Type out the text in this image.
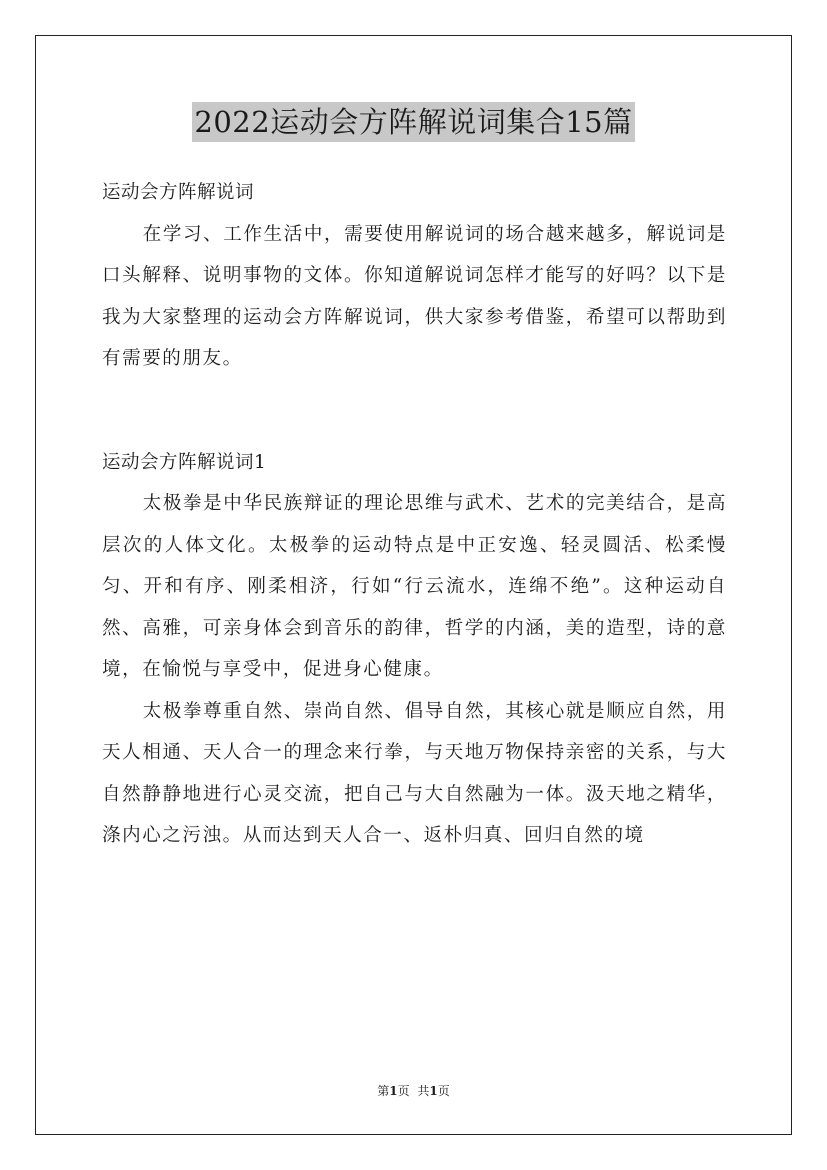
2022运动会方阵解说词集合15篇

运动会方阵解说词

在学习、工作生活中，需要使用解说词的场合越来越多，解说词是口头解释、说明事物的文体。你知道解说词怎样才能写的好吗？以下是我为大家整理的运动会方阵解说词，供大家参考借鉴，希望可以帮助到有需要的朋友。

运动会方阵解说词1

太极拳是中华民族辩证的理论思维与武术、艺术的完美结合，是高层次的人体文化。太极拳的运动特点是中正安逸、轻灵圆活、松柔慢匀、开和有序、刚柔相济，行如“行云流水，连绵不绝”。这种运动自然、高雅，可亲身体会到音乐的韵律，哲学的内涵，美的造型，诗的意境，在愉悦与享受中，促进身心健康。

太极拳尊重自然、崇尚自然、倡导自然，其核心就是顺应自然，用天人相通、天人合一的理念来行拳，与天地万物保持亲密的关系，与大自然静静地进行心灵交流，把自己与大自然融为一体。汲天地之精华，涤内心之污浊。从而达到天人合一、返朴归真、回归自然的境

第1页 共1页
